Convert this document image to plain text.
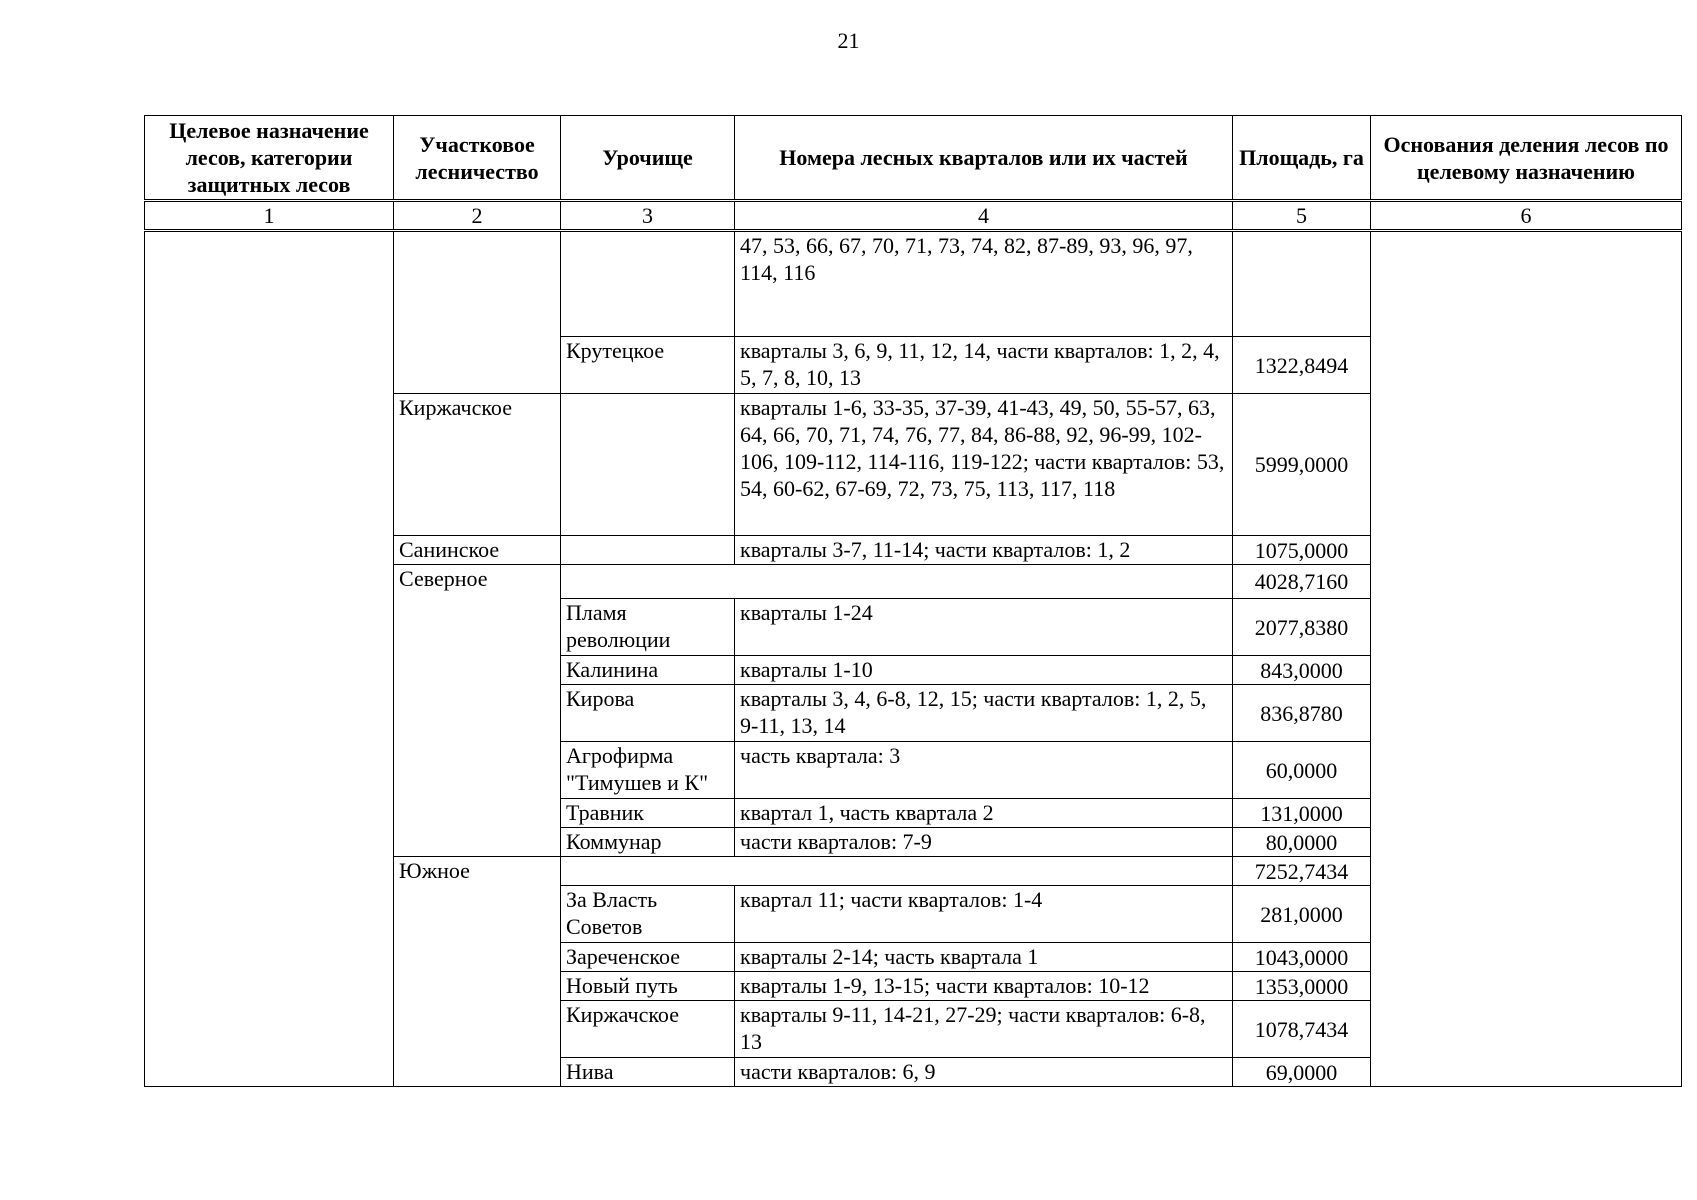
21
Целевое назначение лесов, категории защитных лесов	Участковое лесничество	Урочище	Номера лесных кварталов или их частей	Площадь, га	Основания деления лесов по целевому назначению
1	2	3	4	5	6
			47, 53, 66, 67, 70, 71, 73, 74, 82, 87-89, 93, 96, 97, 114, 116		
		Крутецкое	кварталы 3, 6, 9, 11, 12, 14, части кварталов: 1, 2, 4, 5, 7, 8, 10, 13	1322,8494	
	Киржачское		кварталы 1-6, 33-35, 37-39, 41-43, 49, 50, 55-57, 63, 64, 66, 70, 71, 74, 76, 77, 84, 86-88, 92, 96-99, 102-106, 109-112, 114-116, 119-122; части кварталов: 53, 54, 60-62, 67-69, 72, 73, 75, 113, 117, 118	5999,0000	
	Санинское		кварталы 3-7, 11-14; части кварталов: 1, 2	1075,0000	
	Северное			4028,7160	
		Пламя революции	кварталы 1-24	2077,8380	
		Калинина	кварталы 1-10	843,0000	
		Кирова	кварталы 3, 4, 6-8, 12, 15; части кварталов: 1, 2, 5, 9-11, 13, 14	836,8780	
		Агрофирма "Тимушев и К"	часть квартала: 3	60,0000	
		Травник	квартал 1, часть квартала 2	131,0000	
		Коммунар	части кварталов: 7-9	80,0000	
	Южное			7252,7434	
		За Власть Советов	квартал 11; части кварталов: 1-4	281,0000	
		Зареченское	кварталы 2-14; часть квартала 1	1043,0000	
		Новый путь	кварталы 1-9, 13-15; части кварталов: 10-12	1353,0000	
		Киржачское	кварталы 9-11, 14-21, 27-29; части кварталов: 6-8, 13	1078,7434	
		Нива	части кварталов: 6, 9	69,0000	
